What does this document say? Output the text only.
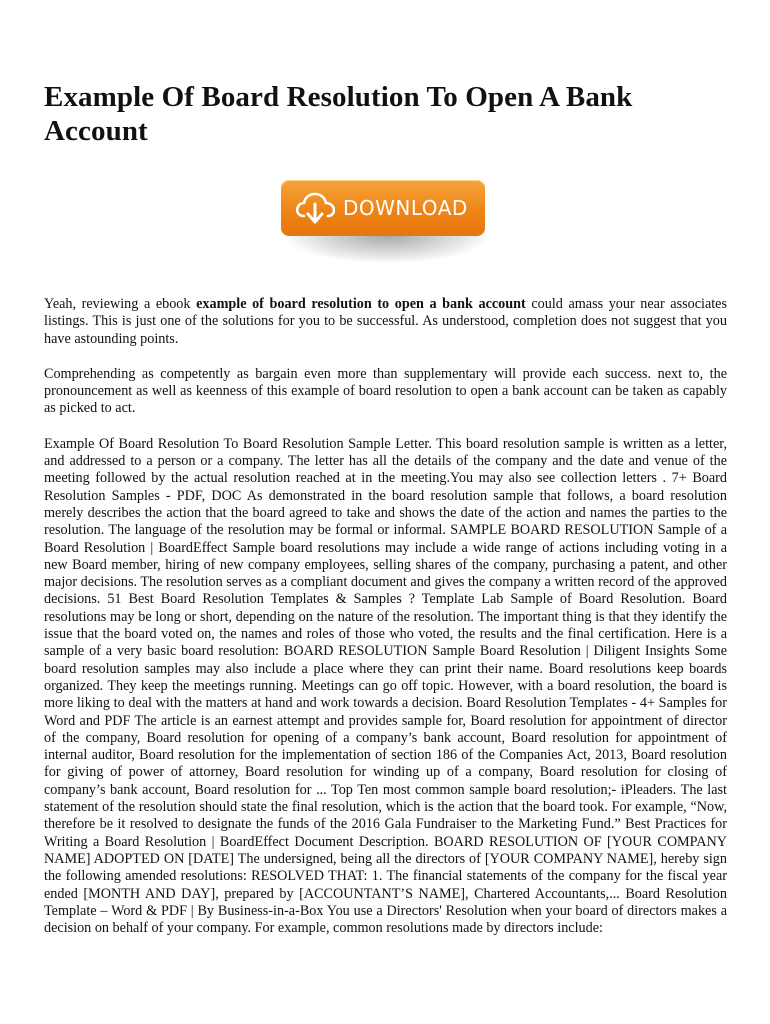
Example Of Board Resolution To Open A Bank Account
DOWNLOAD

Yeah, reviewing a ebook example of board resolution to open a bank account could amass your near associates listings. This is just one of the solutions for you to be successful. As understood, completion does not suggest that you have astounding points.

Comprehending as competently as bargain even more than supplementary will provide each success. next to, the pronouncement as well as keenness of this example of board resolution to open a bank account can be taken as capably as picked to act.

Example Of Board Resolution To Board Resolution Sample Letter. This board resolution sample is written as a letter, and addressed to a person or a company. The letter has all the details of the company and the date and venue of the meeting followed by the actual resolution reached at in the meeting.You may also see collection letters . 7+ Board Resolution Samples - PDF, DOC As demonstrated in the board resolution sample that follows, a board resolution merely describes the action that the board agreed to take and shows the date of the action and names the parties to the resolution. The language of the resolution may be formal or informal. SAMPLE BOARD RESOLUTION Sample of a Board Resolution | BoardEffect Sample board resolutions may include a wide range of actions including voting in a new Board member, hiring of new company employees, selling shares of the company, purchasing a patent, and other major decisions. The resolution serves as a compliant document and gives the company a written record of the approved decisions. 51 Best Board Resolution Templates & Samples ? Template Lab Sample of Board Resolution. Board resolutions may be long or short, depending on the nature of the resolution. The important thing is that they identify the issue that the board voted on, the names and roles of those who voted, the results and the final certification. Here is a sample of a very basic board resolution: BOARD RESOLUTION Sample Board Resolution | Diligent Insights Some board resolution samples may also include a place where they can print their name. Board resolutions keep boards organized. They keep the meetings running. Meetings can go off topic. However, with a board resolution, the board is more liking to deal with the matters at hand and work towards a decision. Board Resolution Templates - 4+ Samples for Word and PDF The article is an earnest attempt and provides sample for, Board resolution for appointment of director of the company, Board resolution for opening of a company’s bank account, Board resolution for appointment of internal auditor, Board resolution for the implementation of section 186 of the Companies Act, 2013, Board resolution for giving of power of attorney, Board resolution for winding up of a company, Board resolution for closing of company’s bank account, Board resolution for ... Top Ten most common sample board resolution;- iPleaders. The last statement of the resolution should state the final resolution, which is the action that the board took. For example, “Now, therefore be it resolved to designate the funds of the 2016 Gala Fundraiser to the Marketing Fund.” Best Practices for Writing a Board Resolution | BoardEffect Document Description. BOARD RESOLUTION OF [YOUR COMPANY NAME] ADOPTED ON [DATE] The undersigned, being all the directors of [YOUR COMPANY NAME], hereby sign the following amended resolutions: RESOLVED THAT: 1. The financial statements of the company for the fiscal year ended [MONTH AND DAY], prepared by [ACCOUNTANT’S NAME], Chartered Accountants,... Board Resolution Template – Word & PDF | By Business-in-a-Box You use a Directors' Resolution when your board of directors makes a decision on behalf of your company. For example, common resolutions made by directors include:
